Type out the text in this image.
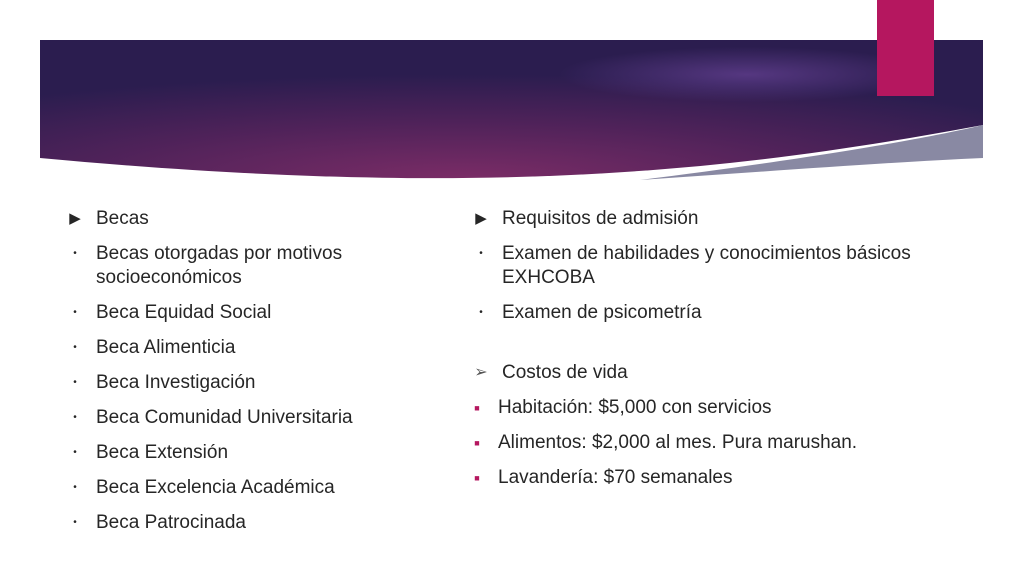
▶ Becas
•	Becas otorgadas por motivos socioeconómicos
•	Beca Equidad Social
•	Beca Alimenticia
•	Beca Investigación
•	Beca Comunidad Universitaria
•	Beca Extensión
•	Beca Excelencia Académica
•	Beca Patrocinada
▶ Requisitos de admisión
•	Examen de habilidades y conocimientos básicos EXHCOBA
•	Examen de psicometría
➢ Costos de vida
■ Habitación: $5,000 con servicios
■ Alimentos: $2,000 al mes. Pura marushan.
■ Lavandería: $70 semanales
